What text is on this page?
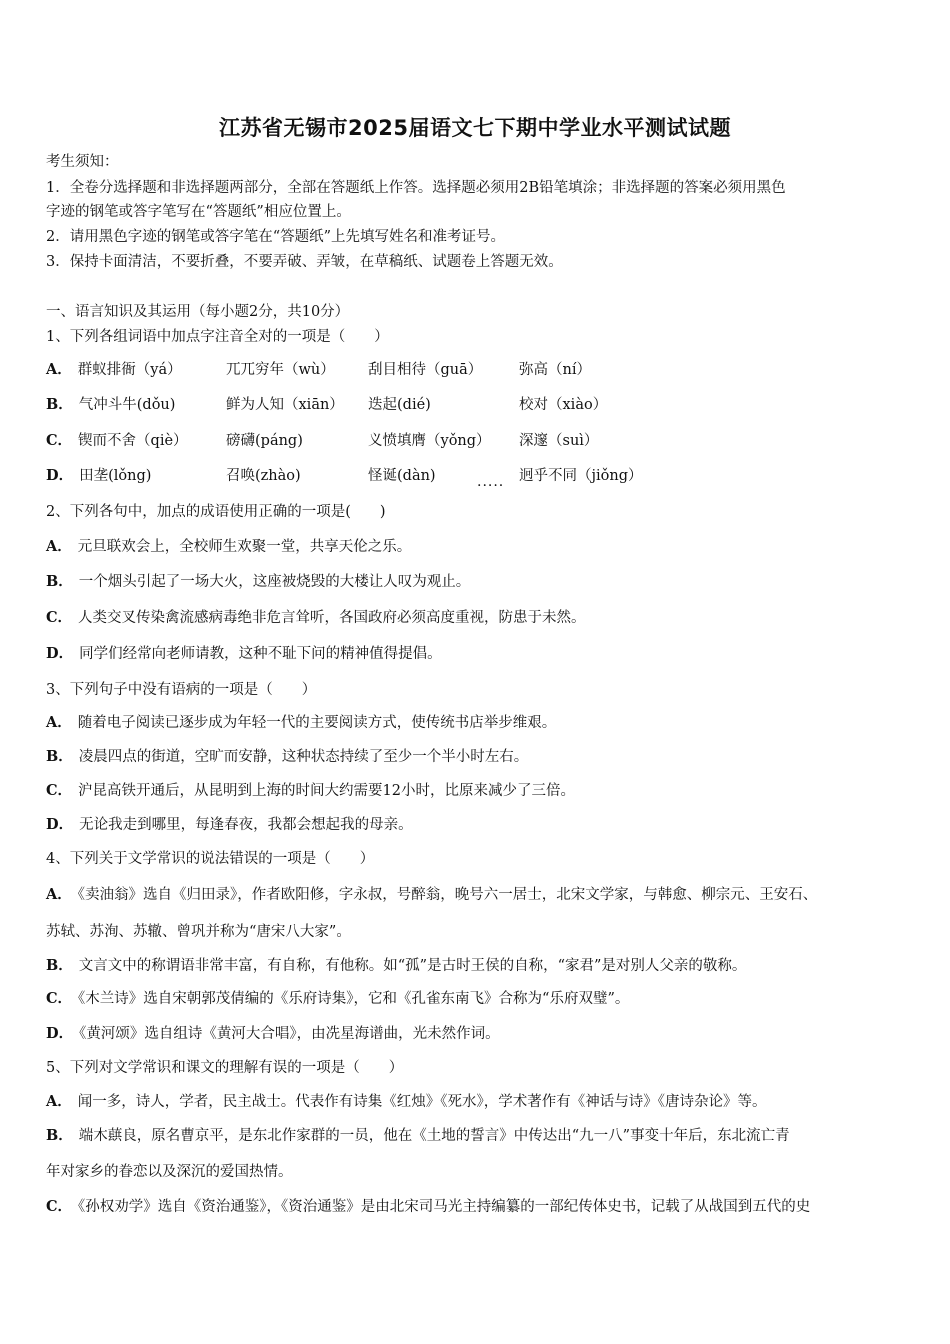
江苏省无锡市2025届语文七下期中学业水平测试试题
考生须知：
1．全卷分选择题和非选择题两部分，全部在答题纸上作答。选择题必须用2B铅笔填涂；非选择题的答案必须用黑色
字迹的钢笔或答字笔写在“答题纸”相应位置上。
2．请用黑色字迹的钢笔或答字笔在“答题纸”上先填写姓名和准考证号。
3．保持卡面清洁，不要折叠，不要弄破、弄皱，在草稿纸、试题卷上答题无效。
一、语言知识及其运用（每小题2分，共10分）
1、下列各组词语中加点字注音全对的一项是（　　）
A． 群蚁排衙（yá）	兀兀穷年（wù） 刮目相待（guā）	弥高（ní）
B． 气冲斗牛(dǒu)	鲜为人知（xiān） 迭起(dié)	校对（xiào）
C． 锲而不舍（qiè）	磅礴(páng)	义愤填膺（yǒng） 深邃（suì）
D． 田垄(lǒng)	召唤(zhào)	怪诞(dàn)	..... 迥乎不同（jiǒng）
2、下列各句中，加点的成语使用正确的一项是(　　)
A． 元旦联欢会上，全校师生欢聚一堂，共享天伦之乐。
B． 一个烟头引起了一场大火，这座被烧毁的大楼让人叹为观止。
C． 人类交叉传染禽流感病毒绝非危言耸听，各国政府必须高度重视，防患于未然。
D． 同学们经常向老师请教，这种不耻下问的精神值得提倡。
3、下列句子中没有语病的一项是（　　）
A． 随着电子阅读已逐步成为年轻一代的主要阅读方式，使传统书店举步维艰。
B． 凌晨四点的街道，空旷而安静，这种状态持续了至少一个半小时左右。
C． 沪昆高铁开通后，从昆明到上海的时间大约需要12小时，比原来减少了三倍。
D． 无论我走到哪里，每逢春夜，我都会想起我的母亲。
4、下列关于文学常识的说法错误的一项是（　　）
A． 《卖油翁》选自《归田录》，作者欧阳修，字永叔，号醉翁，晚号六一居士，北宋文学家，与韩愈、柳宗元、王安石、
苏轼、苏洵、苏辙、曾巩并称为“唐宋八大家”。
B． 文言文中的称谓语非常丰富，有自称，有他称。如“孤”是古时王侯的自称，“家君”是对别人父亲的敬称。
C． 《木兰诗》选自宋朝郭茂倩编的《乐府诗集》，它和《孔雀东南飞》合称为“乐府双璧”。
D． 《黄河颂》选自组诗《黄河大合唱》，由冼星海谱曲，光未然作词。
5、下列对文学常识和课文的理解有误的一项是（　　）
A． 闻一多，诗人，学者，民主战士。代表作有诗集《红烛》《死水》，学术著作有《神话与诗》《唐诗杂论》等。
B． 端木蕻良，原名曹京平，是东北作家群的一员，他在《土地的誓言》中传达出“九一八”事变十年后，东北流亡青
年对家乡的眷恋以及深沉的爱国热情。
C． 《孙权劝学》选自《资治通鉴》，《资治通鉴》是由北宋司马光主持编纂的一部纪传体史书，记载了从战国到五代的史
